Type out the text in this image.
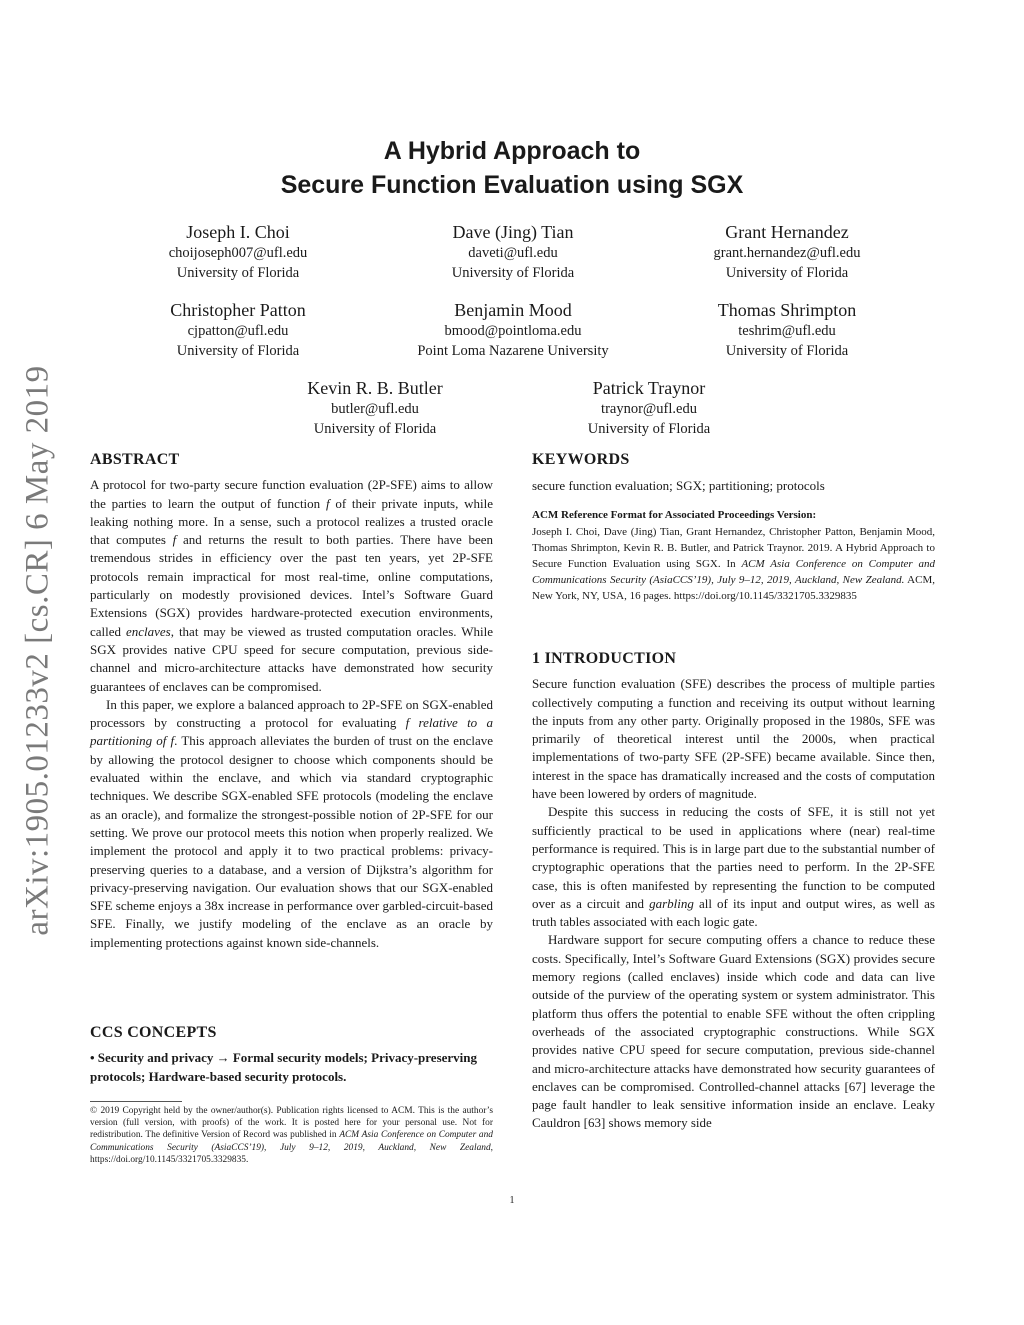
arXiv:1905.01233v2 [cs.CR] 6 May 2019
A Hybrid Approach to
Secure Function Evaluation using SGX
Joseph I. Choi
choijoseph007@ufl.edu
University of Florida
Dave (Jing) Tian
daveti@ufl.edu
University of Florida
Grant Hernandez
grant.hernandez@ufl.edu
University of Florida
Christopher Patton
cjpatton@ufl.edu
University of Florida
Benjamin Mood
bmood@pointloma.edu
Point Loma Nazarene University
Thomas Shrimpton
teshrim@ufl.edu
University of Florida
Kevin R. B. Butler
butler@ufl.edu
University of Florida
Patrick Traynor
traynor@ufl.edu
University of Florida
ABSTRACT

A protocol for two-party secure function evaluation (2P-SFE) aims to allow the parties to learn the output of function f of their private inputs, while leaking nothing more. In a sense, such a protocol realizes a trusted oracle that computes f and returns the result to both parties. There have been tremendous strides in efficiency over the past ten years, yet 2P-SFE protocols remain impractical for most real-time, online computations, particularly on modestly provisioned devices. Intel’s Software Guard Extensions (SGX) provides hardware-protected execution environments, called enclaves, that may be viewed as trusted computation oracles. While SGX provides native CPU speed for secure computation, previous side-channel and micro-architecture attacks have demonstrated how security guarantees of enclaves can be compromised.

In this paper, we explore a balanced approach to 2P-SFE on SGX-enabled processors by constructing a protocol for evaluating f relative to a partitioning of f. This approach alleviates the burden of trust on the enclave by allowing the protocol designer to choose which components should be evaluated within the enclave, and which via standard cryptographic techniques. We describe SGX-enabled SFE protocols (modeling the enclave as an oracle), and formalize the strongest-possible notion of 2P-SFE for our setting. We prove our protocol meets this notion when properly realized. We implement the protocol and apply it to two practical problems: privacy-preserving queries to a database, and a version of Dijkstra’s algorithm for privacy-preserving navigation. Our evaluation shows that our SGX-enabled SFE scheme enjoys a 38x increase in performance over garbled-circuit-based SFE. Finally, we justify modeling of the enclave as an oracle by implementing protections against known side-channels.

CCS CONCEPTS
• Security and privacy → Formal security models; Privacy-preserving protocols; Hardware-based security protocols.
© 2019 Copyright held by the owner/author(s). Publication rights licensed to ACM. This is the author’s version (full version, with proofs) of the work. It is posted here for your personal use. Not for redistribution. The definitive Version of Record was published in ACM Asia Conference on Computer and Communications Security (AsiaCCS’19), July 9–12, 2019, Auckland, New Zealand, https://doi.org/10.1145/3321705.3329835.
KEYWORDS

secure function evaluation; SGX; partitioning; protocols

ACM Reference Format for Associated Proceedings Version:

Joseph I. Choi, Dave (Jing) Tian, Grant Hernandez, Christopher Patton, Benjamin Mood, Thomas Shrimpton, Kevin R. B. Butler, and Patrick Traynor. 2019. A Hybrid Approach to Secure Function Evaluation using SGX. In ACM Asia Conference on Computer and Communications Security (AsiaCCS’19), July 9–12, 2019, Auckland, New Zealand. ACM, New York, NY, USA, 16 pages. https://doi.org/10.1145/3321705.3329835

1 INTRODUCTION

Secure function evaluation (SFE) describes the process of multiple parties collectively computing a function and receiving its output without learning the inputs from any other party. Originally proposed in the 1980s, SFE was primarily of theoretical interest until the 2000s, when practical implementations of two-party SFE (2P-SFE) became available. Since then, interest in the space has dramatically increased and the costs of computation have been lowered by orders of magnitude.

Despite this success in reducing the costs of SFE, it is still not yet sufficiently practical to be used in applications where (near) real-time performance is required. This is in large part due to the substantial number of cryptographic operations that the parties need to perform. In the 2P-SFE case, this is often manifested by representing the function to be computed over as a circuit and garbling all of its input and output wires, as well as truth tables associated with each logic gate.

Hardware support for secure computing offers a chance to reduce these costs. Specifically, Intel’s Software Guard Extensions (SGX) provides secure memory regions (called enclaves) inside which code and data can live outside of the purview of the operating system or system administrator. This platform thus offers the potential to enable SFE without the often crippling overheads of the associated cryptographic constructions. While SGX provides native CPU speed for secure computation, previous side-channel and micro-architecture attacks have demonstrated how security guarantees of enclaves can be compromised. Controlled-channel attacks [67] leverage the page fault handler to leak sensitive information inside an enclave. Leaky Cauldron [63] shows memory side

1
